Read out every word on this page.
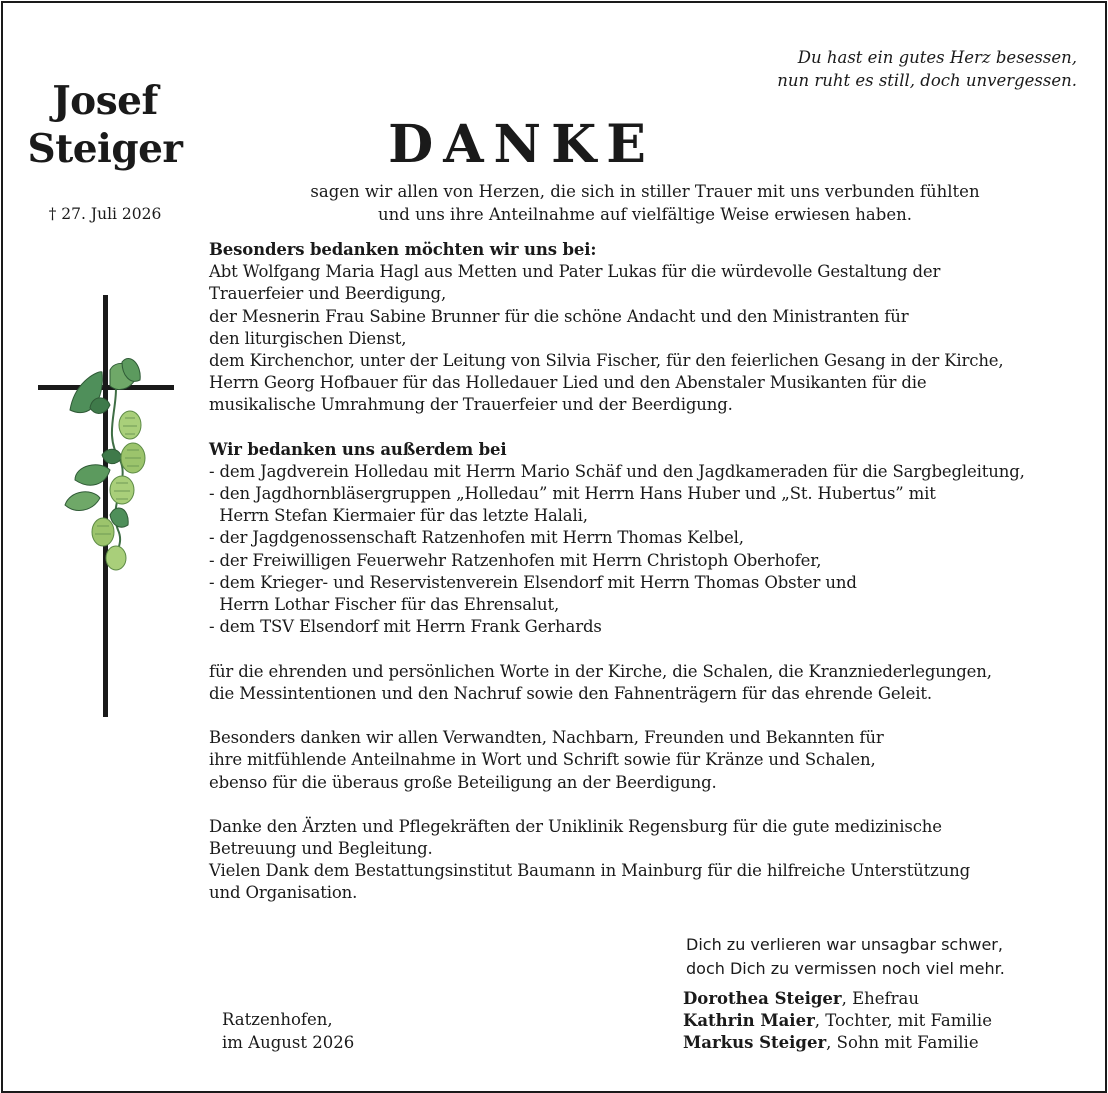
Josef
Steiger
† 27. Juli 2026
Du hast ein gutes Herz besessen,
nun ruht es still, doch unvergessen.
DANKE
sagen wir allen von Herzen, die sich in stiller Trauer mit uns verbunden fühlten
und uns ihre Anteilnahme auf vielfältige Weise erwiesen haben.
Besonders bedanken möchten wir uns bei:
Abt Wolfgang Maria Hagl aus Metten und Pater Lukas für die würdevolle Gestaltung der
Trauerfeier und Beerdigung,
der Mesnerin Frau Sabine Brunner für die schöne Andacht und den Ministranten für
den liturgischen Dienst,
dem Kirchenchor, unter der Leitung von Silvia Fischer, für den feierlichen Gesang in der Kirche,
Herrn Georg Hofbauer für das Holledauer Lied und den Abenstaler Musikanten für die
musikalische Umrahmung der Trauerfeier und der Beerdigung.
Wir bedanken uns außerdem bei
- dem Jagdverein Holledau mit Herrn Mario Schäf und den Jagdkameraden für die Sargbegleitung,
- den Jagdhornbläsergruppen „Holledau” mit Herrn Hans Huber und „St. Hubertus” mit
Herrn Stefan Kiermaier für das letzte Halali,
- der Jagdgenossenschaft Ratzenhofen mit Herrn Thomas Kelbel,
- der Freiwilligen Feuerwehr Ratzenhofen mit Herrn Christoph Oberhofer,
- dem Krieger- und Reservistenverein Elsendorf mit Herrn Thomas Obster und
Herrn Lothar Fischer für das Ehrensalut,
- dem TSV Elsendorf mit Herrn Frank Gerhards
für die ehrenden und persönlichen Worte in der Kirche, die Schalen, die Kranzniederlegungen,
die Messintentionen und den Nachruf sowie den Fahnenträgern für das ehrende Geleit.
Besonders danken wir allen Verwandten, Nachbarn, Freunden und Bekannten für
ihre mitfühlende Anteilnahme in Wort und Schrift sowie für Kränze und Schalen,
ebenso für die überaus große Beteiligung an der Beerdigung.
Danke den Ärzten und Pflegekräften der Uniklinik Regensburg für die gute medizinische
Betreuung und Begleitung.
Vielen Dank dem Bestattungsinstitut Baumann in Mainburg für die hilfreiche Unterstützung
und Organisation.
Dich zu verlieren war unsagbar schwer,
doch Dich zu vermissen noch viel mehr.
Ratzenhofen,
im August 2026
Dorothea Steiger, Ehefrau
Kathrin Maier, Tochter, mit Familie
Markus Steiger, Sohn mit Familie
